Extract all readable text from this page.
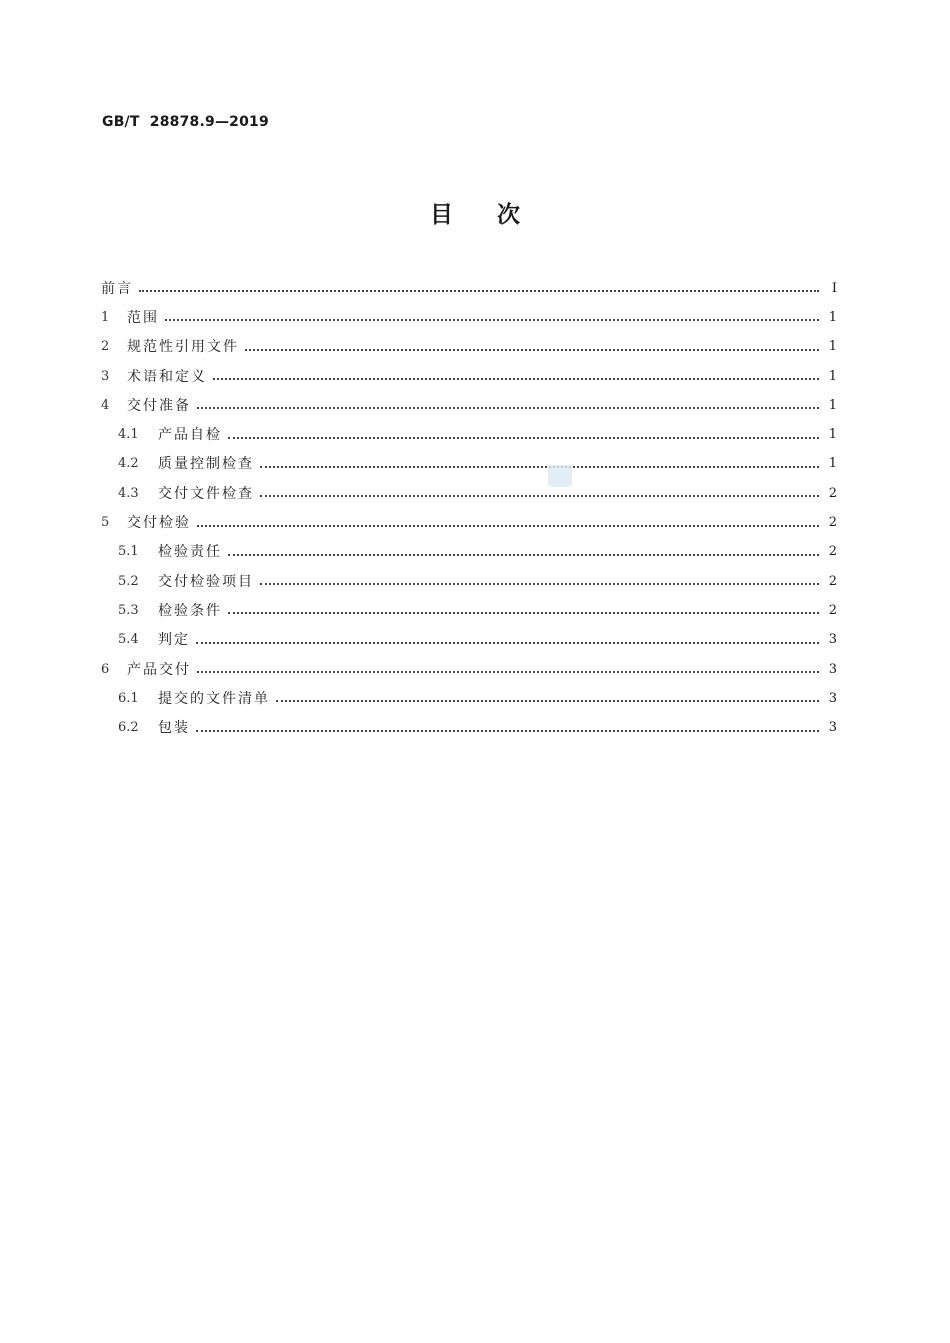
GB/T  28878.9—2019
目次
前言	Ⅰ
1	范围	1
2	规范性引用文件	1
3	术语和定义	1
4	交付准备	1
4.1	产品自检	1
4.2	质量控制检查	1
4.3	交付文件检查	2
5	交付检验	2
5.1	检验责任	2
5.2	交付检验项目	2
5.3	检验条件	2
5.4	判定	3
6	产品交付	3
6.1	提交的文件清单	3
6.2	包装	3
